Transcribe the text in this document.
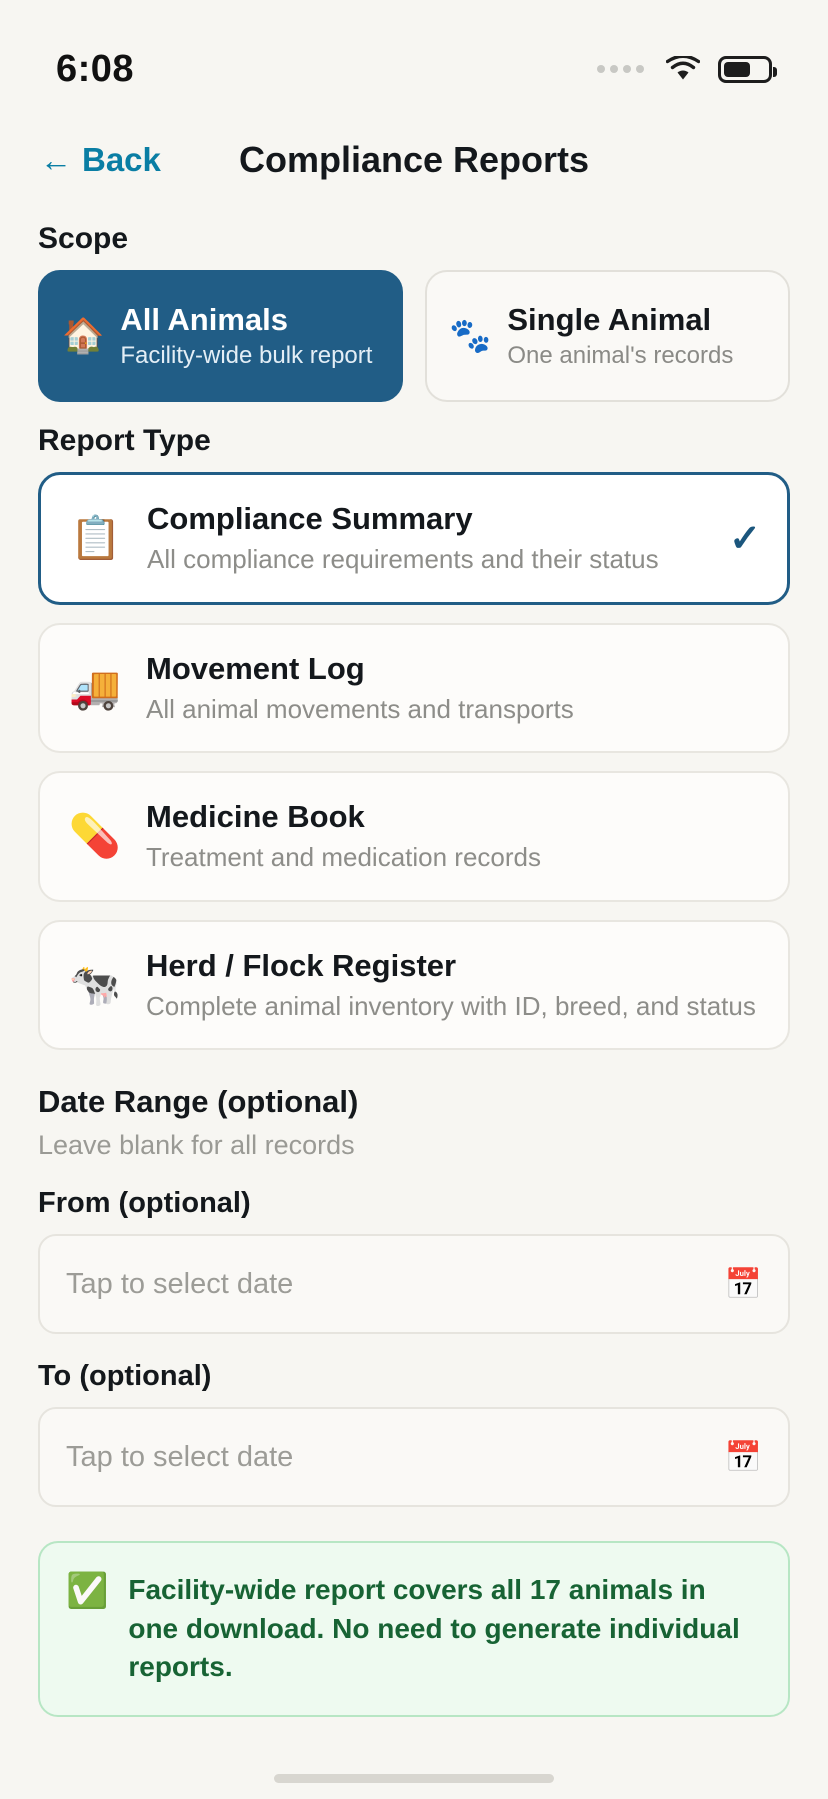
6:08
← Back	Compliance Reports
Scope
🏠 All Animals
Facility-wide bulk report
🐾 Single Animal
One animal's records
Report Type
📋 Compliance Summary
All compliance requirements and their status	✓
🚚 Movement Log
All animal movements and transports
💊 Medicine Book
Treatment and medication records
🐄 Herd / Flock Register
Complete animal inventory with ID, breed, and status
Date Range (optional)
Leave blank for all records
From (optional)
Tap to select date	📅
To (optional)
Tap to select date	📅
✅ Facility-wide report covers all 17 animals in one download. No need to generate individual reports.
